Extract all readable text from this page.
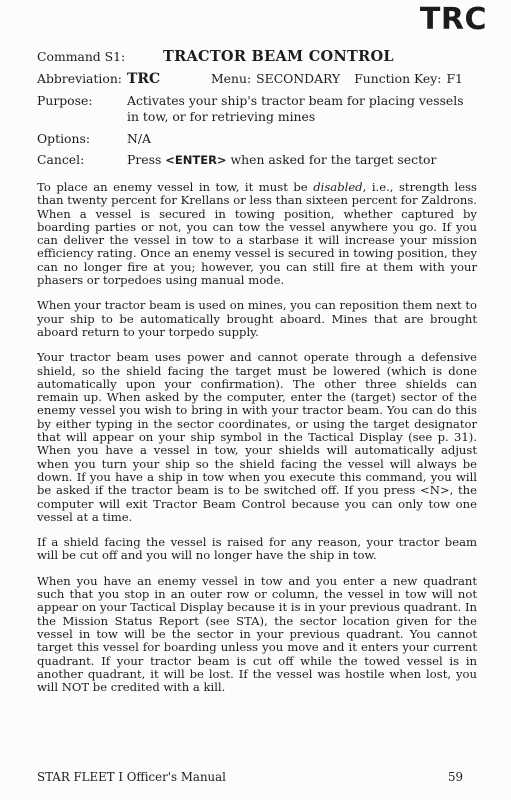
TRC
Command S1:	TRACTOR BEAM CONTROL
Abbreviation: TRC	Menu: SECONDARY Function Key: F1
Purpose:	Activates your ship's tractor beam for placing vessels in tow, or for retrieving mines
Options:	N/A
Cancel:	Press <ENTER> when asked for the target sector

To place an enemy vessel in tow, it must be disabled, i.e., strength less than twenty percent for Krellans or less than sixteen percent for Zaldrons. When a vessel is secured in towing position, whether captured by boarding parties or not, you can tow the vessel anywhere you go. If you can deliver the vessel in tow to a starbase it will increase your mission efficiency rating. Once an enemy vessel is secured in towing position, they can no longer fire at you; however, you can still fire at them with your phasers or torpedoes using manual mode.

When your tractor beam is used on mines, you can reposition them next to your ship to be automatically brought aboard. Mines that are brought aboard return to your torpedo supply.

Your tractor beam uses power and cannot operate through a defensive shield, so the shield facing the target must be lowered (which is done automatically upon your confirmation). The other three shields can remain up. When asked by the computer, enter the (target) sector of the enemy vessel you wish to bring in with your tractor beam. You can do this by either typing in the sector coordinates, or using the target designator that will appear on your ship symbol in the Tactical Display (see p. 31). When you have a vessel in tow, your shields will automatically adjust when you turn your ship so the shield facing the vessel will always be down. If you have a ship in tow when you execute this command, you will be asked if the tractor beam is to be switched off. If you press <N>, the computer will exit Tractor Beam Control because you can only tow one vessel at a time.

If a shield facing the vessel is raised for any reason, your tractor beam will be cut off and you will no longer have the ship in tow.

When you have an enemy vessel in tow and you enter a new quadrant such that you stop in an outer row or column, the vessel in tow will not appear on your Tactical Display because it is in your previous quadrant. In the Mission Status Report (see STA), the sector location given for the vessel in tow will be the sector in your previous quadrant. You cannot target this vessel for boarding unless you move and it enters your current quadrant. If your tractor beam is cut off while the towed vessel is in another quadrant, it will be lost. If the vessel was hostile when lost, you will NOT be credited with a kill.

STAR FLEET I Officer's Manual	59
